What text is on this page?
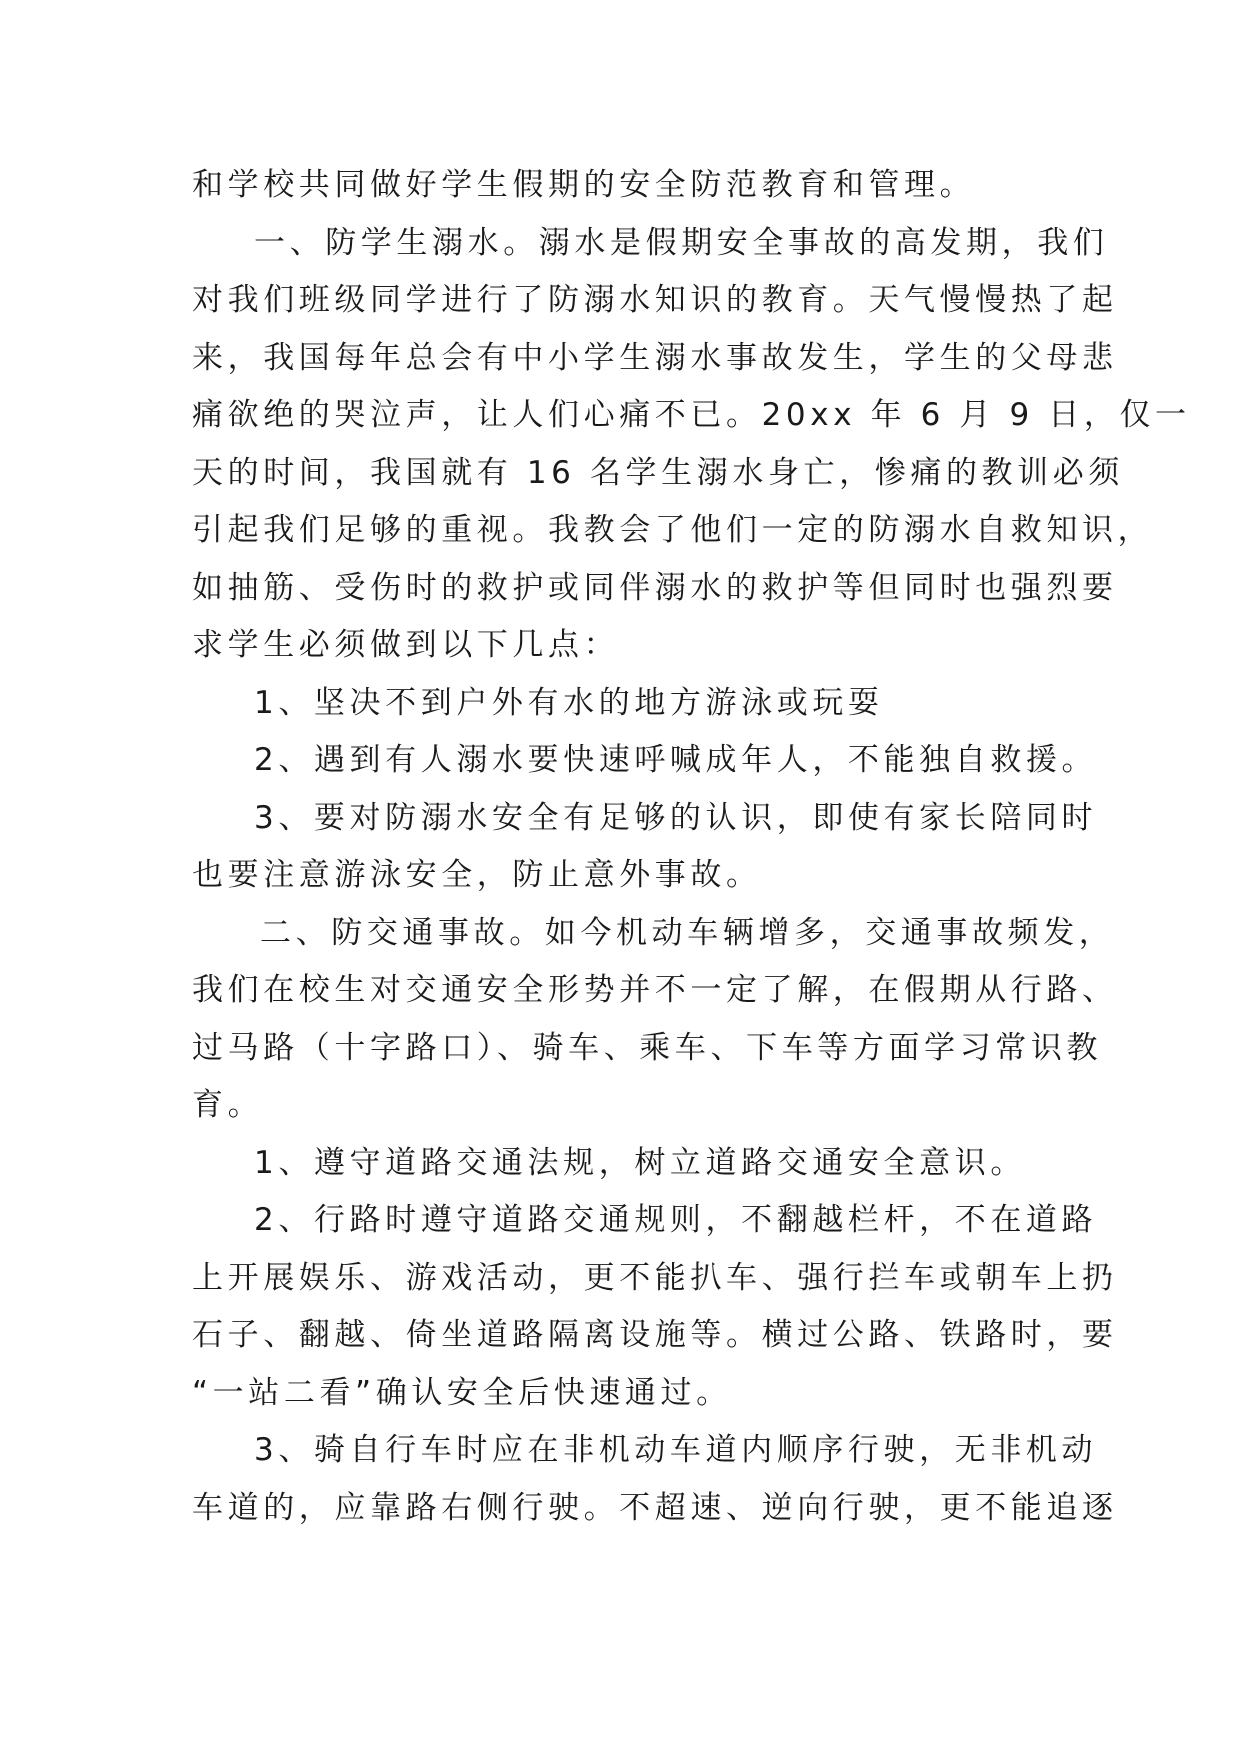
和学校共同做好学生假期的安全防范教育和管理。
一、防学生溺水。溺水是假期安全事故的高发期，我们
对我们班级同学进行了防溺水知识的教育。天气慢慢热了起
来，我国每年总会有中小学生溺水事故发生，学生的父母悲
痛欲绝的哭泣声，让人们心痛不已。20xx 年 6 月 9 日，仅一
天的时间，我国就有 16 名学生溺水身亡，惨痛的教训必须
引起我们足够的重视。我教会了他们一定的防溺水自救知识，
如抽筋、受伤时的救护或同伴溺水的救护等但同时也强烈要
求学生必须做到以下几点：
1、坚决不到户外有水的地方游泳或玩耍
2、遇到有人溺水要快速呼喊成年人，不能独自救援。
3、要对防溺水安全有足够的认识，即使有家长陪同时
也要注意游泳安全，防止意外事故。
二、防交通事故。如今机动车辆增多，交通事故频发，
我们在校生对交通安全形势并不一定了解，在假期从行路、
过马路（十字路口）、骑车、乘车、下车等方面学习常识教
育。
1、遵守道路交通法规，树立道路交通安全意识。
2、行路时遵守道路交通规则，不翻越栏杆，不在道路
上开展娱乐、游戏活动，更不能扒车、强行拦车或朝车上扔
石子、翻越、倚坐道路隔离设施等。横过公路、铁路时，要
“一站二看”确认安全后快速通过。
3、骑自行车时应在非机动车道内顺序行驶，无非机动
车道的，应靠路右侧行驶。不超速、逆向行驶，更不能追逐
